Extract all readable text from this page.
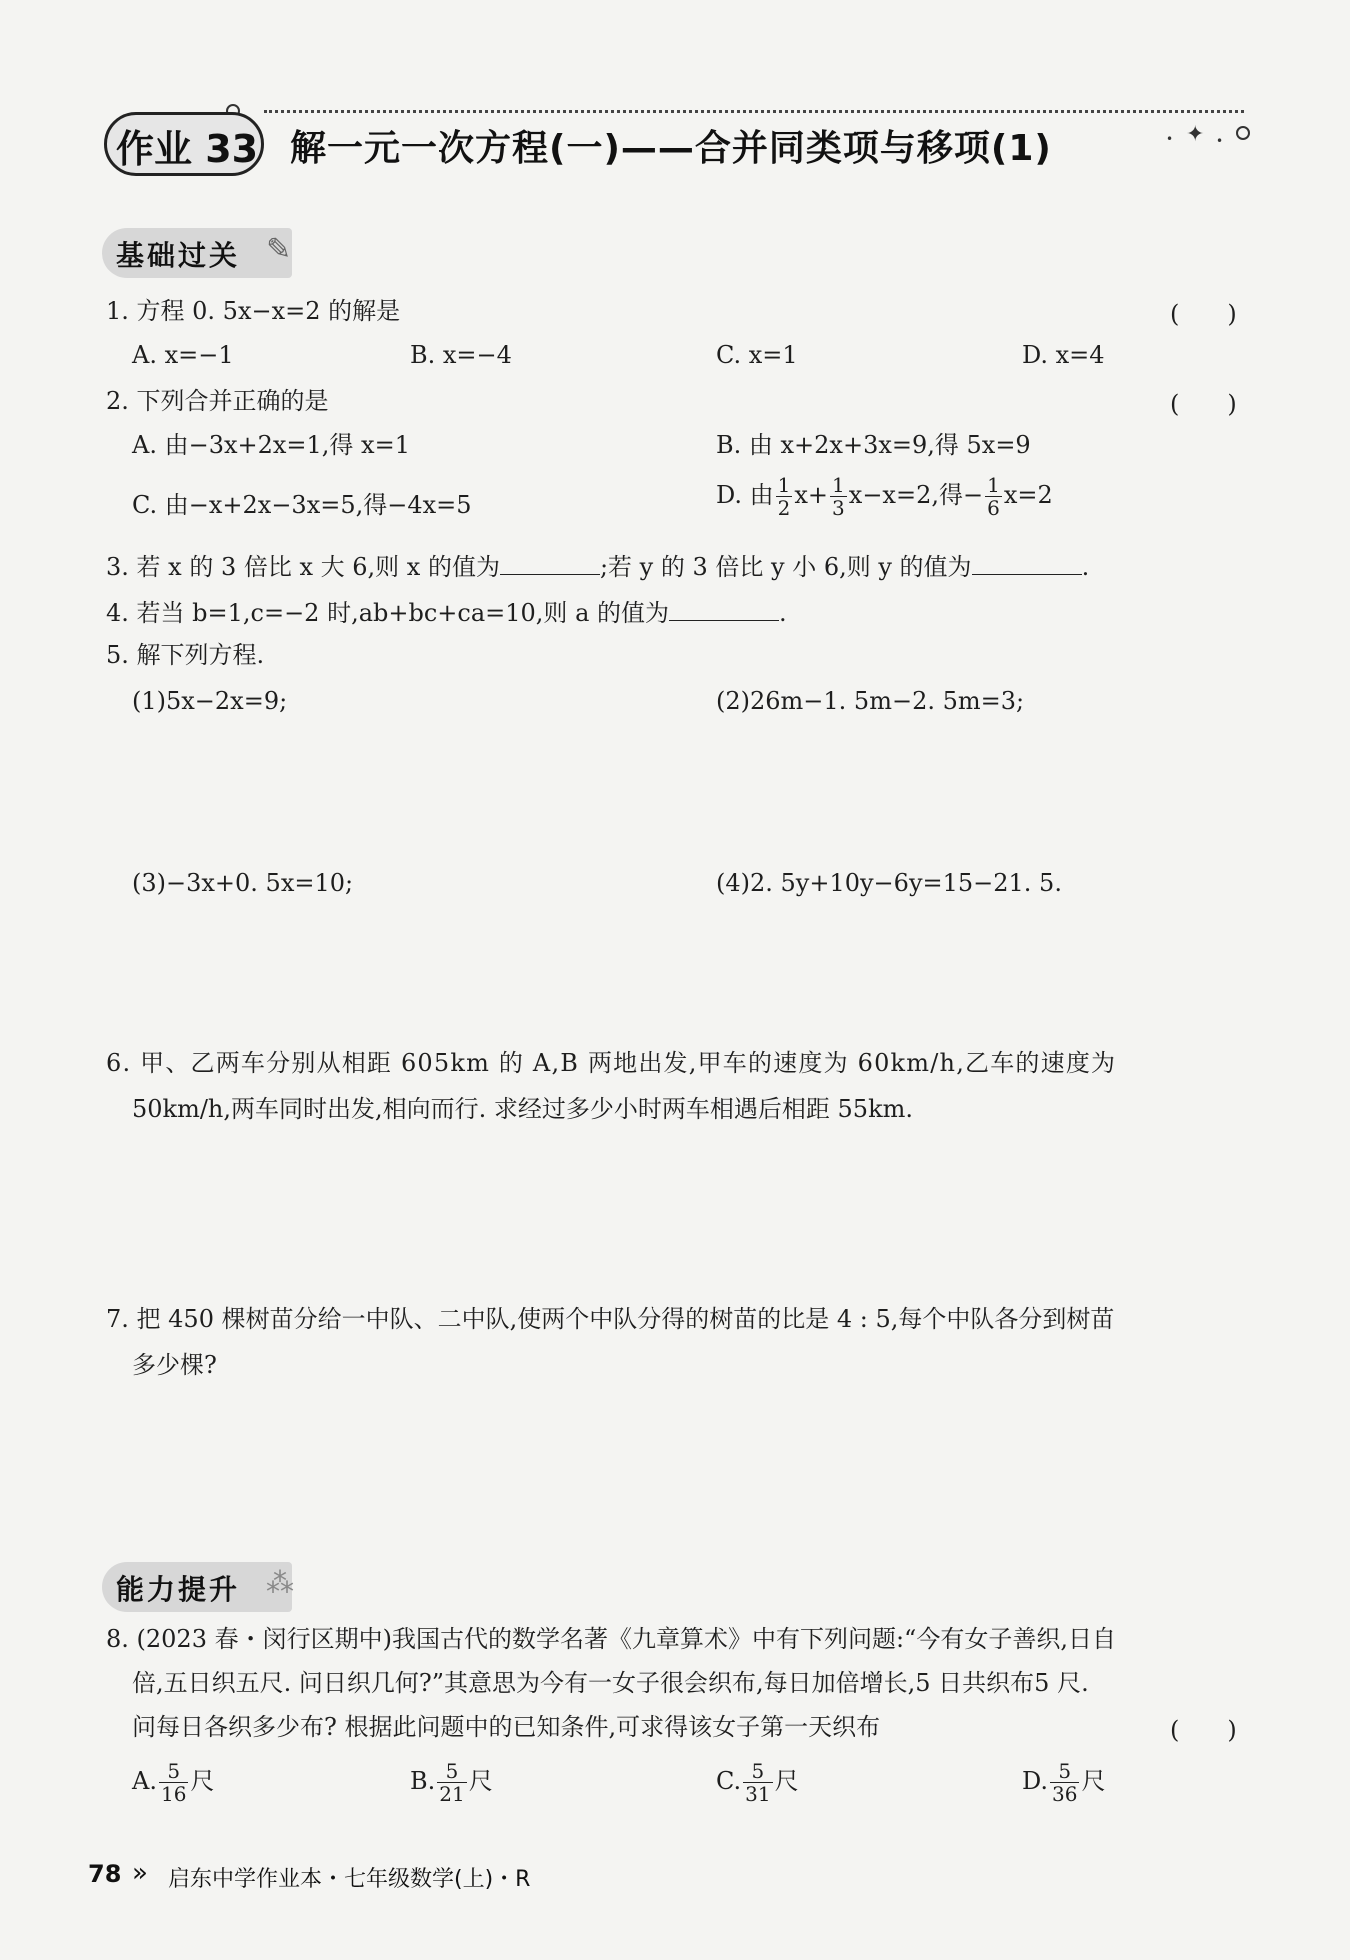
✦
•	•
作业 33 解一元一次方程(一)——合并同类项与移项(1)
基础过关 ✎
1. 方程 0. 5x−x=2 的解是	(　　)
A. x=−1	B. x=−4	C. x=1	D. x=4
2. 下列合并正确的是	(　　)
A. 由−3x+2x=1,得 x=1	B. 由 x+2x+3x=9,得 5x=9
C. 由−x+2x−3x=5,得−4x=5	D. 由 $\frac{1}{2} x+ \frac{1}{3} x-x=2$,得− $\frac{1}{6} x=2$
3. 若 x 的 3 倍比 x 大 6,则 x 的值为	;若 y 的 3 倍比 y 小 6,则 y 的值为	.
4. 若当 b=1,c=−2 时,ab+bc+ca=10,则 a 的值为	.
5. 解下列方程.
(1)5x−2x=9;	(2)26m−1. 5m−2. 5m=3;
(3)−3x+0. 5x=10;	(4)2. 5y+10y−6y=15−21. 5.
6. 甲、乙两车分别从相距 605km 的 A,B 两地出发,甲车的速度为 60km/h,乙车的速度为
50km/h,两车同时出发,相向而行. 求经过多少小时两车相遇后相距 55km.
7. 把 450 棵树苗分给一中队、二中队,使两个中队分得的树苗的比是 4 : 5,每个中队各分到树苗
多少棵?
能力提升 ⁂
8. (2023 春・闵行区期中)我国古代的数学名著《九章算术》中有下列问题:“今有女子善织,日自
倍,五日织五尺. 问日织几何?”其意思为今有一女子很会织布,每日加倍增长,5 日共织布5 尺.
问每日各织多少布? 根据此问题中的已知条件,可求得该女子第一天织布	(　　)
A. $\frac{5}{16}$ 尺	B. $\frac{5}{21}$ 尺	C. $\frac{5}{31}$ 尺	D. $\frac{5}{36}$ 尺
78 » 启东中学作业本・七年级数学(上)・R
